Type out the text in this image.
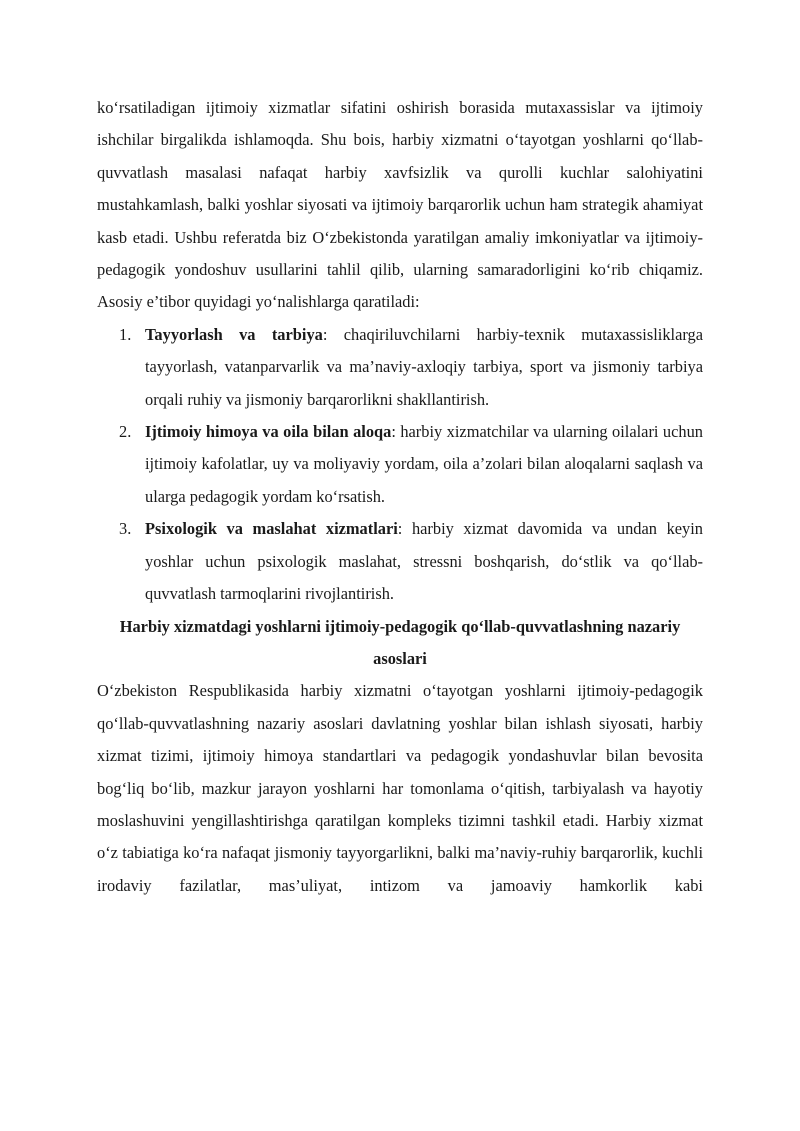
ko‘rsatiladigan ijtimoiy xizmatlar sifatini oshirish borasida mutaxassislar va ijtimoiy ishchilar birgalikda ishlamoqda. Shu bois, harbiy xizmatni o‘tayotgan yoshlarni qo‘llab-quvvatlash masalasi nafaqat harbiy xavfsizlik va qurolli kuchlar salohiyatini mustahkamlash, balki yoshlar siyosati va ijtimoiy barqarorlik uchun ham strategik ahamiyat kasb etadi. Ushbu referatda biz O‘zbekistonda yaratilgan amaliy imkoniyatlar va ijtimoiy-pedagogik yondoshuv usullarini tahlil qilib, ularning samaradorligini ko‘rib chiqamiz. Asosiy e’tibor quyidagi yo‘nalishlarga qaratiladi:

1. Tayyorlash va tarbiya: chaqiriluvchilarni harbiy-texnik mutaxassisliklarga tayyorlash, vatanparvarlik va ma’naviy-axloqiy tarbiya, sport va jismoniy tarbiya orqali ruhiy va jismoniy barqarorlikni shakllantirish.
2. Ijtimoiy himoya va oila bilan aloqa: harbiy xizmatchilar va ularning oilalari uchun ijtimoiy kafolatlar, uy va moliyaviy yordam, oila a’zolari bilan aloqalarni saqlash va ularga pedagogik yordam ko‘rsatish.
3. Psixologik va maslahat xizmatlari: harbiy xizmat davomida va undan keyin yoshlar uchun psixologik maslahat, stressni boshqarish, do‘stlik va qo‘llab-quvvatlash tarmoqlarini rivojlantirish.

Harbiy xizmatdagi yoshlarni ijtimoiy-pedagogik qo‘llab-quvvatlashning nazariy asoslari

O‘zbekiston Respublikasida harbiy xizmatni o‘tayotgan yoshlarni ijtimoiy-pedagogik qo‘llab-quvvatlashning nazariy asoslari davlatning yoshlar bilan ishlash siyosati, harbiy xizmat tizimi, ijtimoiy himoya standartlari va pedagogik yondashuvlar bilan bevosita bog‘liq bo‘lib, mazkur jarayon yoshlarni har tomonlama o‘qitish, tarbiyalash va hayotiy moslashuvini yengillashtirishga qaratilgan kompleks tizimni tashkil etadi. Harbiy xizmat o‘z tabiatiga ko‘ra nafaqat jismoniy tayyorgarlikni, balki ma’naviy-ruhiy barqarorlik, kuchli irodaviy fazilatlar, mas’uliyat, intizom va jamoaviy hamkorlik kabi
